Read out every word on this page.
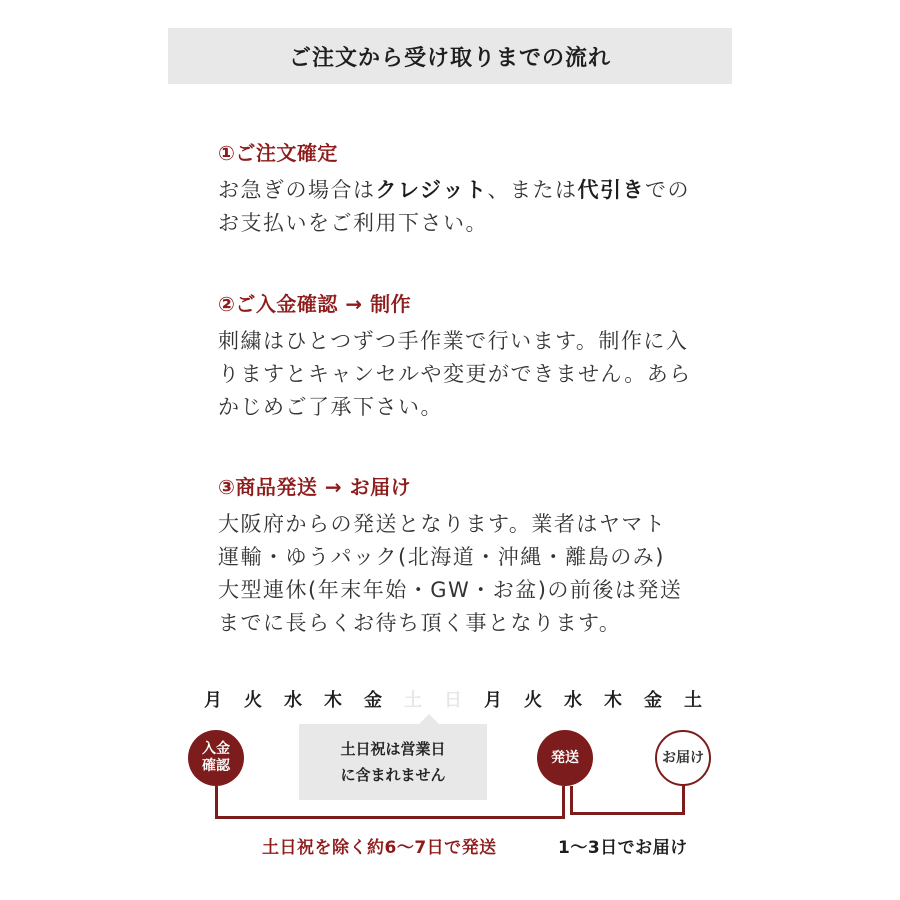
ご注文から受け取りまでの流れ
①ご注文確定

お急ぎの場合はクレジット、または代引きでの
お支払いをご利用下さい。

②ご入金確認 → 制作

刺繍はひとつずつ手作業で行います。制作に入
りますとキャンセルや変更ができません。あら
かじめご了承下さい。

③商品発送 → お届け

大阪府からの発送となります。業者はヤマト
運輸・ゆうパック(北海道・沖縄・離島のみ)
大型連休(年末年始・GW・お盆)の前後は発送
までに長らくお待ち頂く事となります。

月	火	水	木	金	土	日	月	火	水	木	金	土
土日祝は営業日
に含まれません
入金
確認
発送	お届け
土日祝を除く約6〜7日で発送	1〜3日でお届け
